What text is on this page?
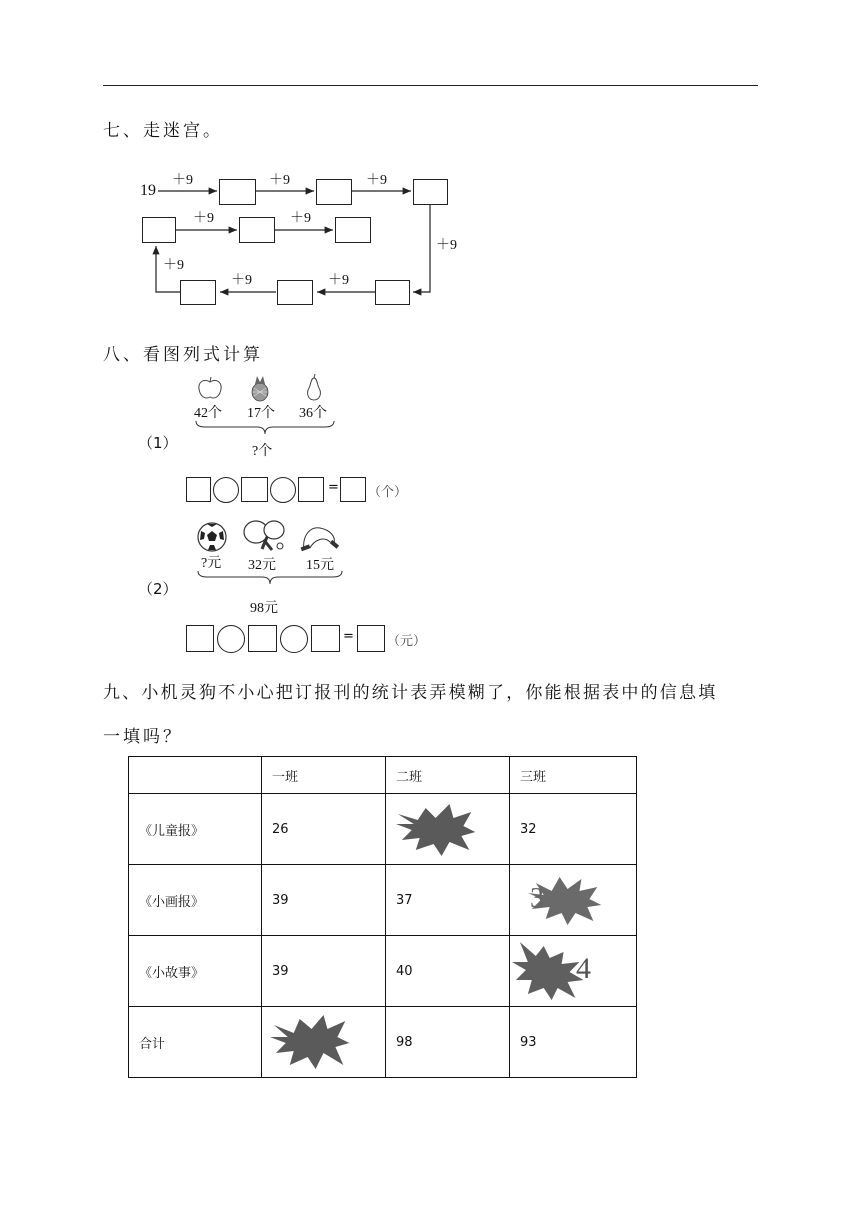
七、走迷宫。
19
＋9	＋9	＋9
＋9
＋9
＋9
＋9
＋9	＋9
八、看图列式计算
（1）
42个 17个 36个
?个
= （个）
（2）
?元 32元 15元
98元
=	（元）
九、小机灵狗不小心把订报刊的统计表弄模糊了，你能根据表中的信息填
一填吗？
	一班	二班	三班
《儿童报》	26		32
《小画报》	39	37	3

《小故事》	39	40	4

合计		98	93
